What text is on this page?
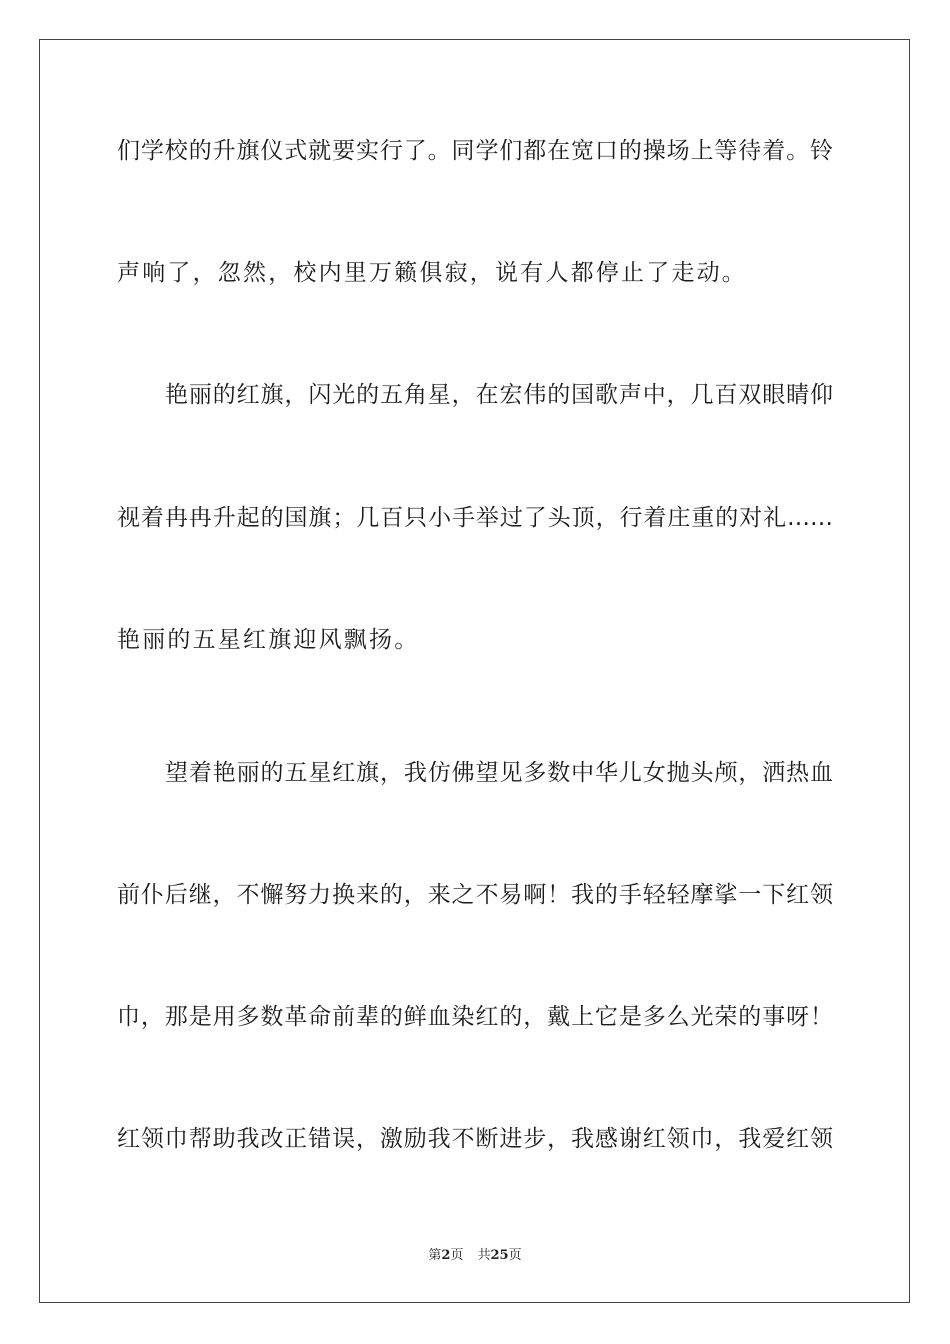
们学校的升旗仪式就要实行了。同学们都在宽口的操场上等待着。铃
声响了，忽然，校内里万籁俱寂，说有人都停止了走动。
艳丽的红旗，闪光的五角星，在宏伟的国歌声中，几百双眼睛仰
视着冉冉升起的国旗；几百只小手举过了头顶，行着庄重的对礼……
艳丽的五星红旗迎风飘扬。
望着艳丽的五星红旗，我仿佛望见多数中华儿女抛头颅，洒热血
前仆后继，不懈努力换来的，来之不易啊！我的手轻轻摩挲一下红领
巾，那是用多数革命前辈的鲜血染红的，戴上它是多么光荣的事呀！
红领巾帮助我改正错误，激励我不断进步，我感谢红领巾，我爱红领
第2页 共25页
